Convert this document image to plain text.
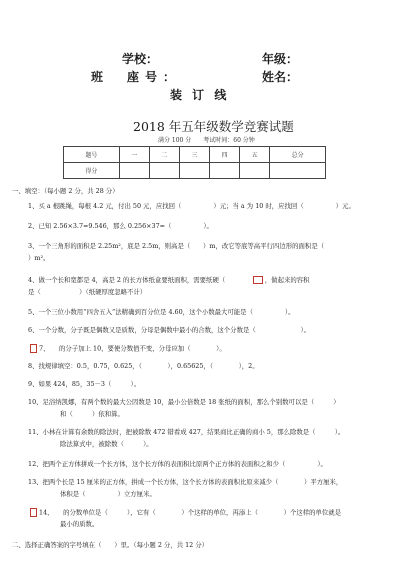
学校：	年级：
班　座号：	姓名：
装 订 线
2018 年五年级数学竞赛试题
满分 100 分　　考试时间：60 分钟
题号	一	二	三	四	五	总分
得分						
一、填空：（每小题 2 分，共 28 分）
1、买 a 根跳绳，每根 4.2 元，付出 50 元，应找回（　　　　　）元；当 a 为 10 时，应找回（　　　　　）元。
2、已知 2.56×3.7=9.546，那么 0.256×37=（　　　　　）。
3、一个三角形的面积是 2.25m²，底是 2.5m，则高是（　　）m，改它等底等高平行四边形的面积是（　　　　
）m²。
4、做一个长和宽都是 4，高是 2 的长方体纸盒要纸面积，需要纸硬（　　　　，做起来的容积
是（　　　　　　）（纸硬厚度忽略不计）
5、一个三位小数用“四舍五入”法精确到百分位是 4.60，这个小数最大可能是（　　　　　）。
6、一个分数，分子既是偶数又是质数，分母是偶数中最小的合数，这个分数是（　　　　　　　）。
7、　　的分子加上 10，要使分数值不变，分母应加（　　　　）。
8、找规律填空：0.5，0.75，0.625，（　　　　），0.65625，（　　　　），2。
9、如果 424，85，35－3（　　　）。
10、足浴纳凯娜，有两个数的最大公因数是 10，最小公倍数是 18 张纸的面积，那么个别数可以是（　　　）
和（　　　）依和算。
11、小林在计算有余数的除法时，把被除数 472 错看成 427，结果商比正确的商小 5，那么除数是（　　　）。
除法算式中，被除数（　　　）。
12、把两个正方体拼成一个长方体，这个长方体的表面积比原两个正方体的表面积之和少（　　　　　）。
13、把两个长是 15 厘米的正方体，拼成一个长方体，这个长方体的表面积比原来减少（　　　　）平方厘米，
体积是（　　　　　）立方厘米。
14、　　的分数单位是（　　　），它有（　　　　）个这样的单位，再添上（　　　　）个这样的单位就是
最小的质数。
二、选择正确答案的字号填在（　　）里。（每小题 2 分，共 12 分）
